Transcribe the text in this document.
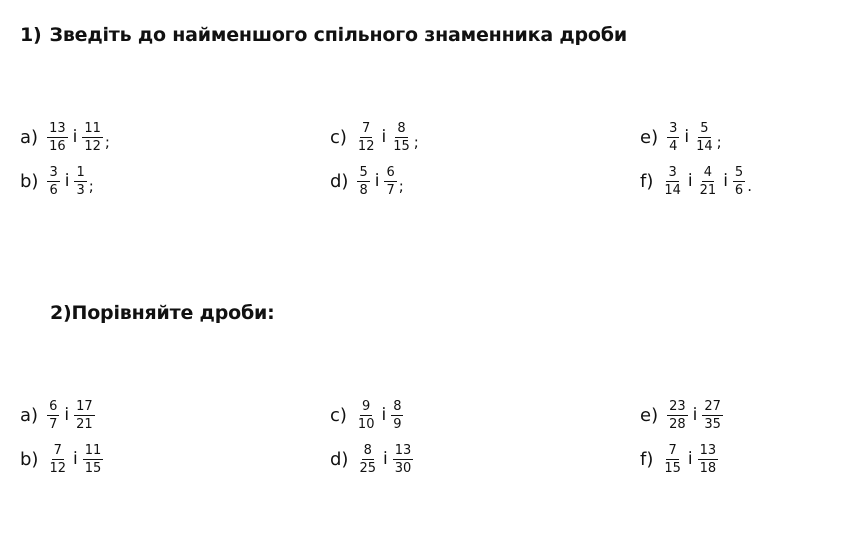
1) Зведіть до найменшого спільного знаменника дроби
2)Порівняйте дроби:
$a) \frac{13}{16}$ і $\frac{11}{12}$ ;
$b) \frac{3}{6}$ і $\frac{1}{3}$ ;
$c) \frac{7}{12}$ і $\frac{8}{15}$ ;
$d) \frac{5}{8}$ і $\frac{6}{7}$ ;
$e) \frac{3}{4}$ і $\frac{5}{14}$ ;
$f) \frac{3}{14}$ і $\frac{4}{21}$ і $\frac{5}{6}$ .
$a) \frac{6}{7}$ і $\frac{17}{21}$
$b) \frac{7}{12}$ і $\frac{11}{15}$
$c) \frac{9}{10}$ і $\frac{8}{9}$
$d) \frac{8}{25}$ і $\frac{13}{30}$
$e) \frac{23}{28}$ і $\frac{27}{35}$
$f) \frac{7}{15}$ і $\frac{13}{18}$
